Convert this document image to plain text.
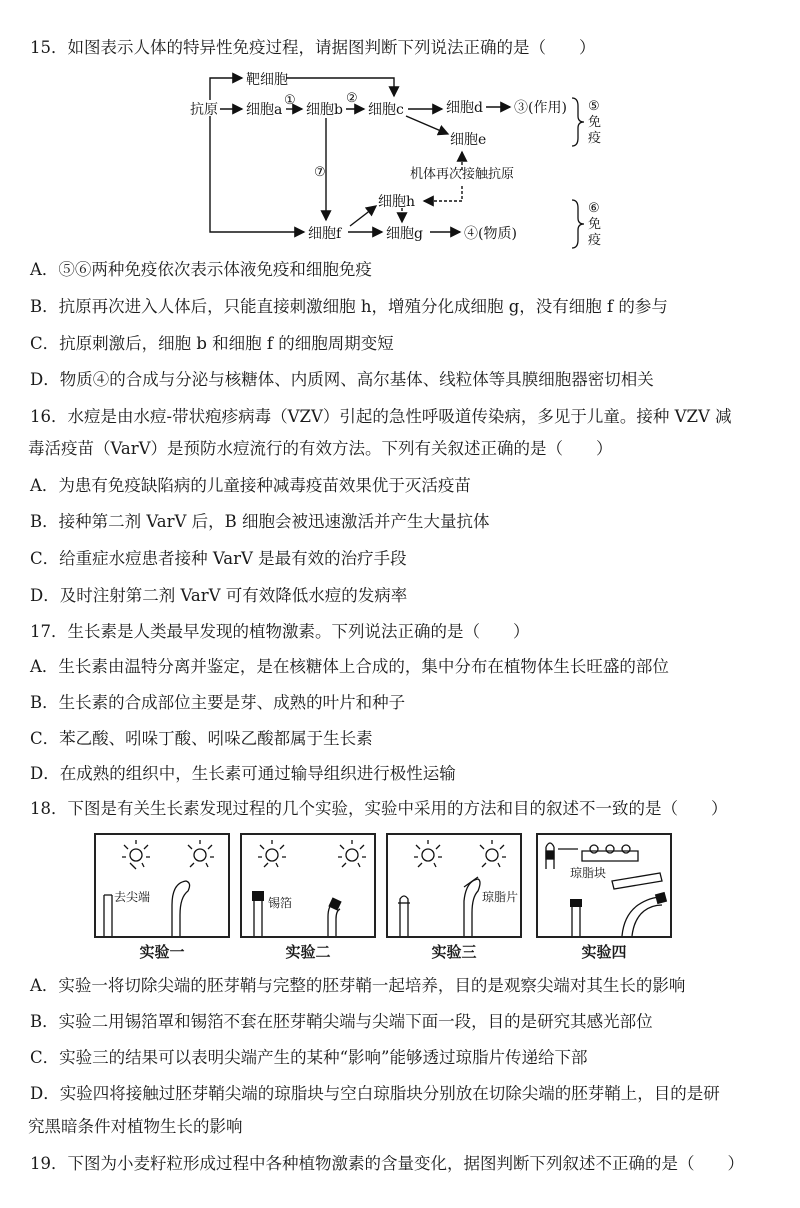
15．如图表示人体的特异性免疫过程，请据图判断下列说法正确的是（　　）
靶细胞
抗原 细胞a 细胞b 细胞c	细胞d ③(作用)
细胞e
机体再次接触抗原
细胞h
细胞f	细胞g	④(物质)
①	②
⑦
⑤
免
疫
⑥
免
疫
A．⑤⑥两种免疫依次表示体液免疫和细胞免疫
B．抗原再次进入人体后，只能直接刺激细胞 h，增殖分化成细胞 g，没有细胞 f 的参与
C．抗原刺激后，细胞 b 和细胞 f 的细胞周期变短
D．物质④的合成与分泌与核糖体、内质网、高尔基体、线粒体等具膜细胞器密切相关
16．水痘是由水痘-带状疱疹病毒（VZV）引起的急性呼吸道传染病，多见于儿童。接种 VZV 减
毒活疫苗（VarV）是预防水痘流行的有效方法。下列有关叙述正确的是（　　）
A．为患有免疫缺陷病的儿童接种减毒疫苗效果优于灭活疫苗
B．接种第二剂 VarV 后，B 细胞会被迅速激活并产生大量抗体
C．给重症水痘患者接种 VarV 是最有效的治疗手段
D．及时注射第二剂 VarV 可有效降低水痘的发病率
17．生长素是人类最早发现的植物激素。下列说法正确的是（　　）
A．生长素由温特分离并鉴定，是在核糖体上合成的，集中分布在植物体生长旺盛的部位
B．生长素的合成部位主要是芽、成熟的叶片和种子
C．苯乙酸、吲哚丁酸、吲哚乙酸都属于生长素
D．在成熟的组织中，生长素可通过输导组织进行极性运输
18．下图是有关生长素发现过程的几个实验，实验中采用的方法和目的叙述不一致的是（　　）
去尖端
实验一
锡箔
实验二
琼脂片
实验三
琼脂块
实验四
A．实验一将切除尖端的胚芽鞘与完整的胚芽鞘一起培养，目的是观察尖端对其生长的影响
B．实验二用锡箔罩和锡箔不套在胚芽鞘尖端与尖端下面一段，目的是研究其感光部位
C．实验三的结果可以表明尖端产生的某种“影响”能够透过琼脂片传递给下部
D．实验四将接触过胚芽鞘尖端的琼脂块与空白琼脂块分别放在切除尖端的胚芽鞘上，目的是研
究黑暗条件对植物生长的影响
19．下图为小麦籽粒形成过程中各种植物激素的含量变化，据图判断下列叙述不正确的是（　　）
